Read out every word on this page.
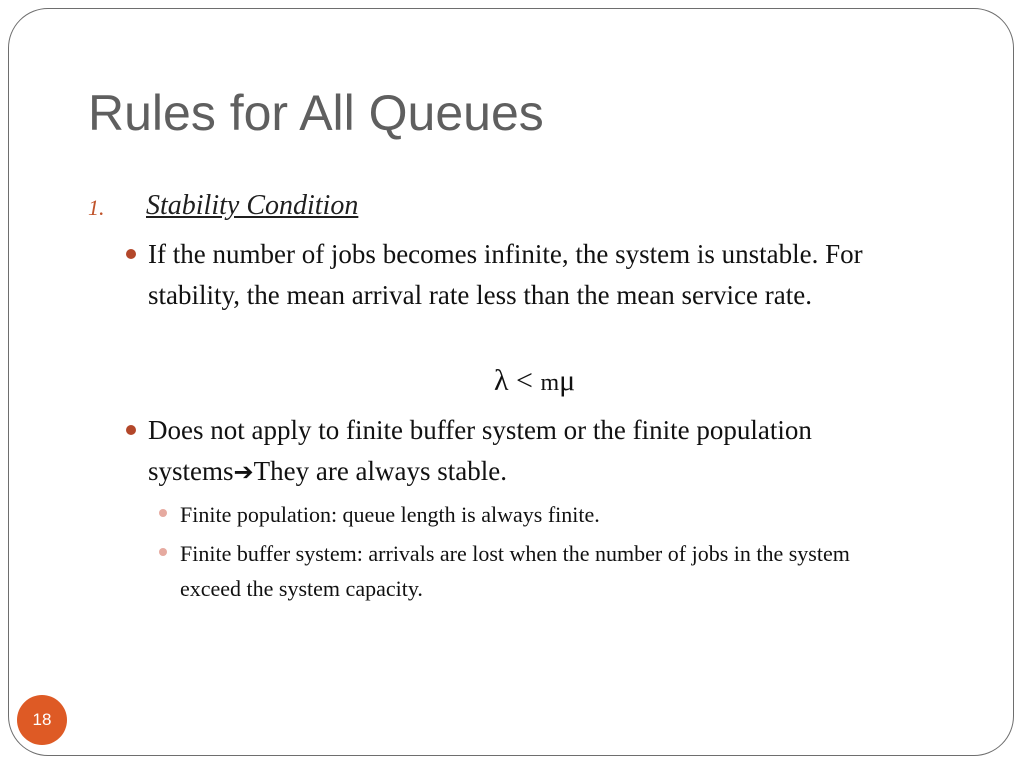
Rules for All Queues
1. Stability Condition
If the number of jobs becomes infinite, the system is unstable. For stability, the mean arrival rate less than the mean service rate.
λ < mμ
Does not apply to finite buffer system or the finite population systems➔They are always stable.
Finite population: queue length is always finite.
Finite buffer system: arrivals are lost when the number of jobs in the system exceed the system capacity.
18
